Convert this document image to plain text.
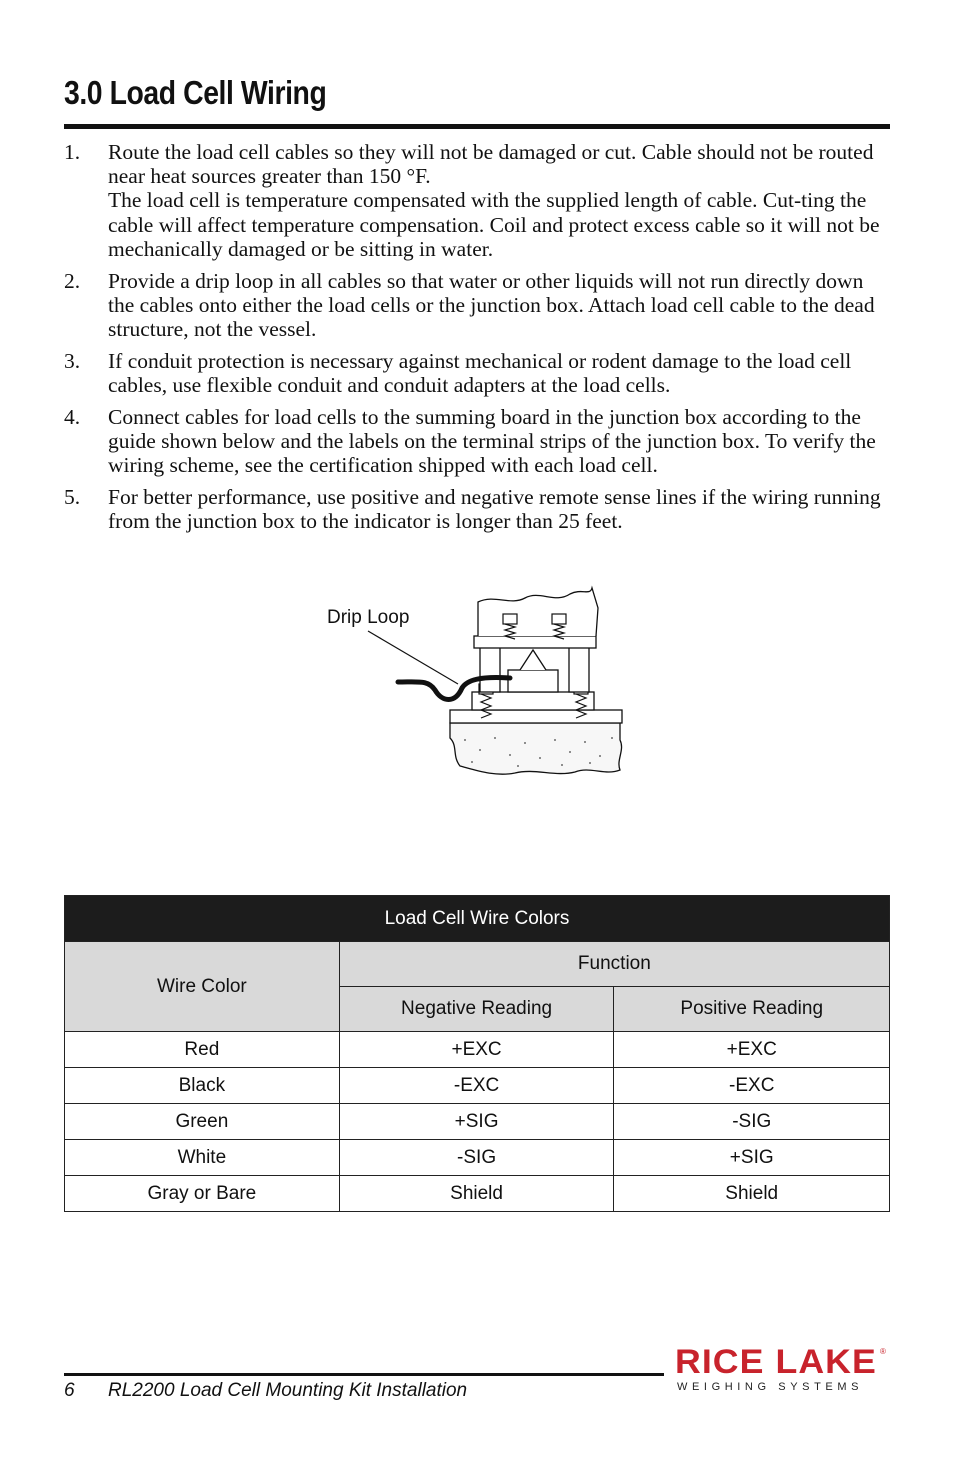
3.0 Load Cell Wiring
1. Route the load cell cables so they will not be damaged or cut. Cable should not be routed near heat sources greater than 150 °F.
The load cell is temperature compensated with the supplied length of cable. Cut-ting the cable will affect temperature compensation. Coil and protect excess cable so it will not be mechanically damaged or be sitting in water.
2. Provide a drip loop in all cables so that water or other liquids will not run directly down the cables onto either the load cells or the junction box. Attach load cell cable to the dead structure, not the vessel.
3. If conduit protection is necessary against mechanical or rodent damage to the load cell cables, use flexible conduit and conduit adapters at the load cells.
4. Connect cables for load cells to the summing board in the junction box according to the guide shown below and the labels on the terminal strips of the junction box. To verify the wiring scheme, see the certification shipped with each load cell.
5. For better performance, use positive and negative remote sense lines if the wiring running from the junction box to the indicator is longer than 25 feet.
Drip Loop
Load Cell Wire Colors		
Wire Color	Function	
	Negative Reading	Positive Reading
Red	+EXC	+EXC
Black	-EXC	-EXC
Green	+SIG	-SIG
White	-SIG	+SIG
Gray or Bare	Shield	Shield
6 RL2200 Load Cell Mounting Kit Installation
RICE LAKE ®
WEIGHING SYSTEMS
